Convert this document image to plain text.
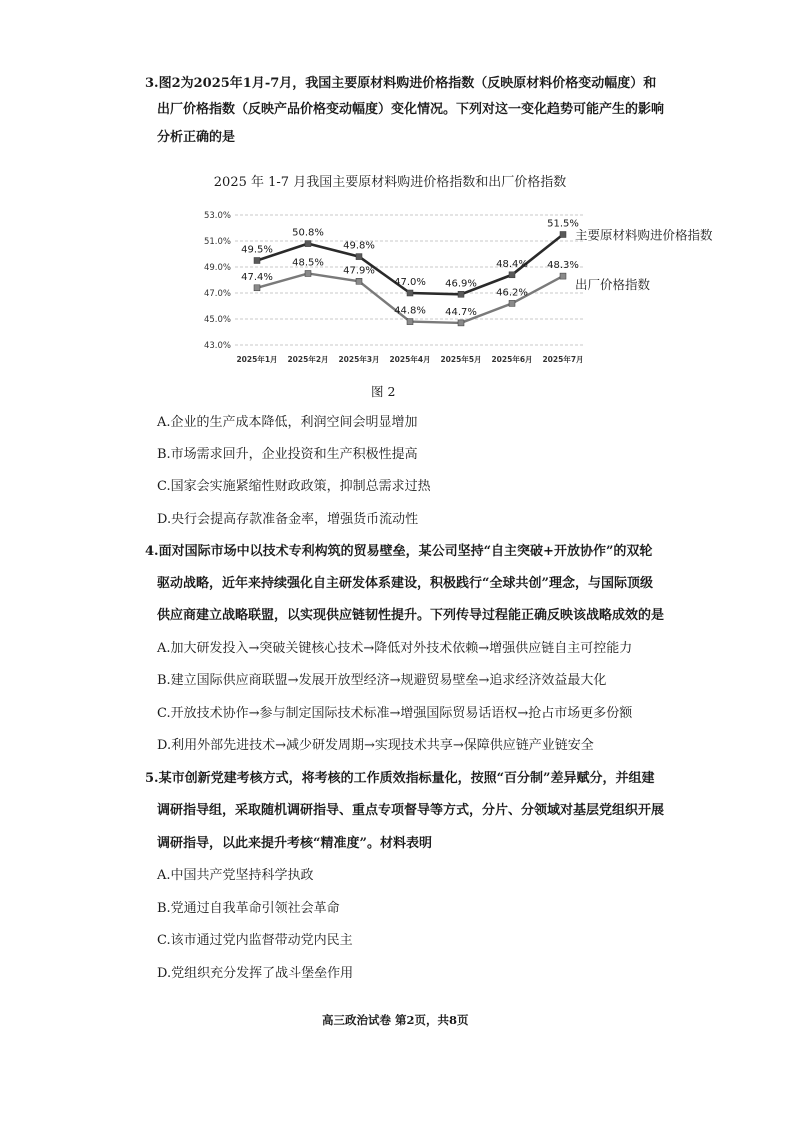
3.图2为2025年1月-7月，我国主要原材料购进价格指数（反映原材料价格变动幅度）和
出厂价格指数（反映产品价格变动幅度）变化情况。下列对这一变化趋势可能产生的影响
分析正确的是
2025 年 1-7 月我国主要原材料购进价格指数和出厂价格指数
43.0%
45.0%
47.0%
49.0%
51.0%
53.0%
2025年1月 2025年2月 2025年3月 2025年4月 2025年5月 2025年6月 2025年7月
49.5%
50.8%
49.8%
47.0% 46.9%
48.4%
51.5%
主要原材料购进价格指数
47.4%
48.5%
47.9%
44.8% 44.7%
46.2%
48.3%
出厂价格指数
图 2
A.企业的生产成本降低，利润空间会明显增加
B.市场需求回升，企业投资和生产积极性提高
C.国家会实施紧缩性财政政策，抑制总需求过热
D.央行会提高存款准备金率，增强货币流动性
4.面对国际市场中以技术专利构筑的贸易壁垒，某公司坚持“自主突破+开放协作”的双轮
驱动战略，近年来持续强化自主研发体系建设，积极践行“全球共创”理念，与国际顶级
供应商建立战略联盟，以实现供应链韧性提升。下列传导过程能正确反映该战略成效的是
A.加大研发投入→突破关键核心技术→降低对外技术依赖→增强供应链自主可控能力
B.建立国际供应商联盟→发展开放型经济→规避贸易壁垒→追求经济效益最大化
C.开放技术协作→参与制定国际技术标准→增强国际贸易话语权→抢占市场更多份额
D.利用外部先进技术→减少研发周期→实现技术共享→保障供应链产业链安全
5.某市创新党建考核方式，将考核的工作质效指标量化，按照“百分制”差异赋分，并组建
调研指导组，采取随机调研指导、重点专项督导等方式，分片、分领域对基层党组织开展
调研指导，以此来提升考核“精准度”。材料表明
A.中国共产党坚持科学执政
B.党通过自我革命引领社会革命
C.该市通过党内监督带动党内民主
D.党组织充分发挥了战斗堡垒作用
高三政治试卷 第2页，共8页
